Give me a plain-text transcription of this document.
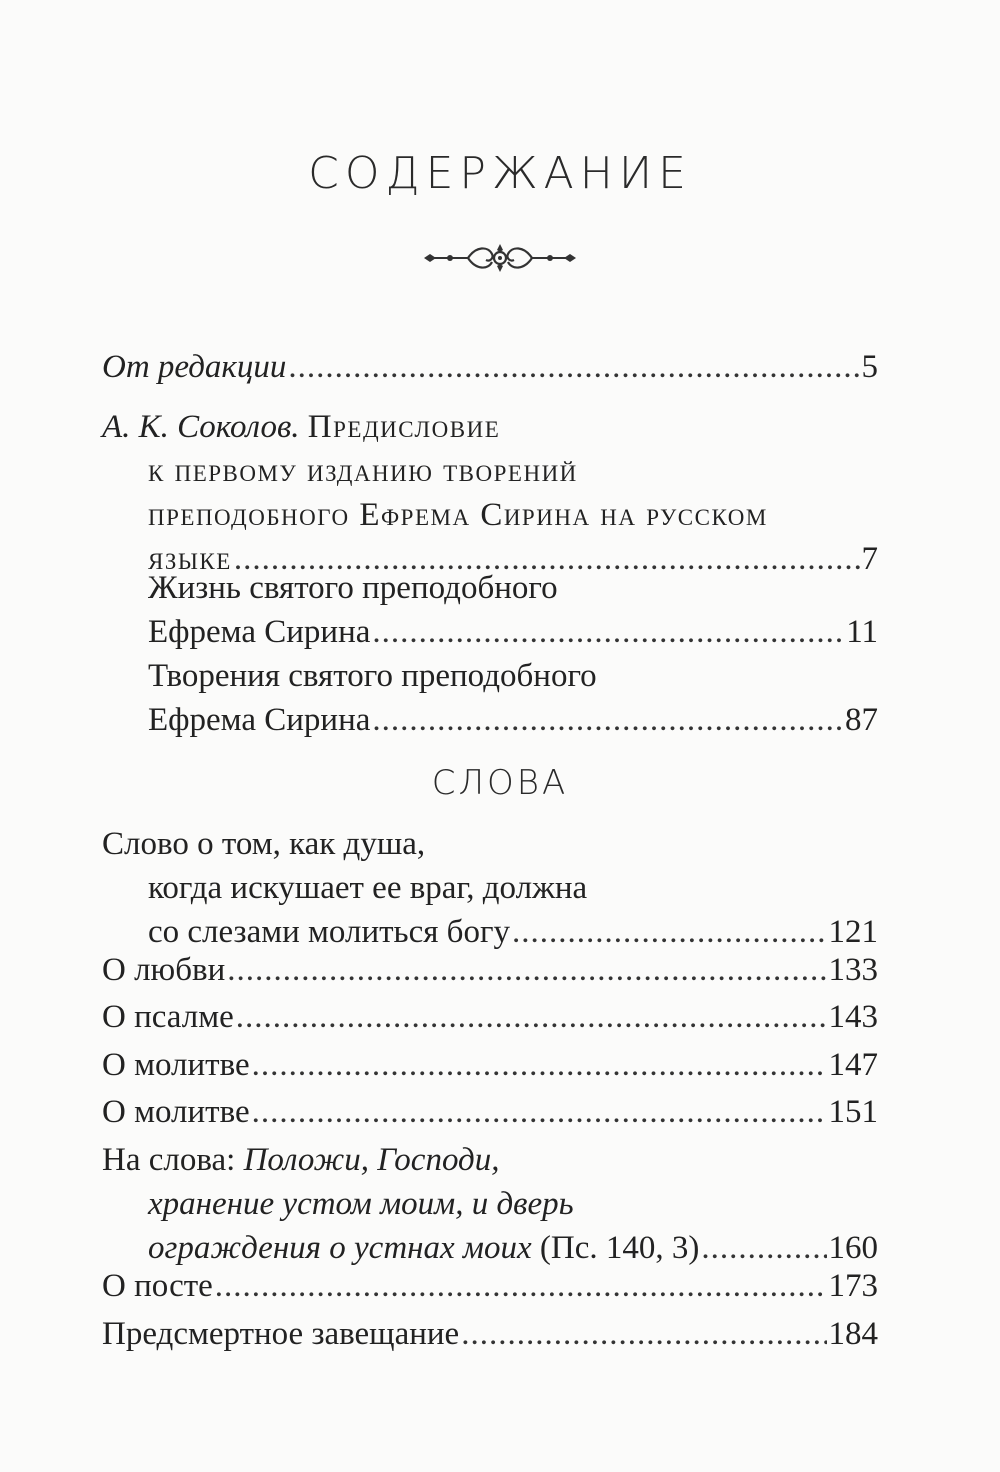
СОДЕРЖАНИЕ
От редакции .....	5
А. К. Соколов. Предисловие
к первому изданию творений
преподобного Ефрема Сирина на русском
языке .....	7
Жизнь святого преподобного
Ефрема Сирина .....	11
Творения святого преподобного
Ефрема Сирина .....	87
СЛОВА
Слово о том, как душа,
когда искушает ее враг, должна
со слезами молиться богу .....	121
О любви .....	133
О псалме .....	143
О молитве .....	147
О молитве .....	151
На слова: Положи, Господи,
хранение устом моим, и дверь
ограждения о устнах моих (Пс. 140, 3) .....	160
О посте .....	173
Предсмертное завещание .....	184
